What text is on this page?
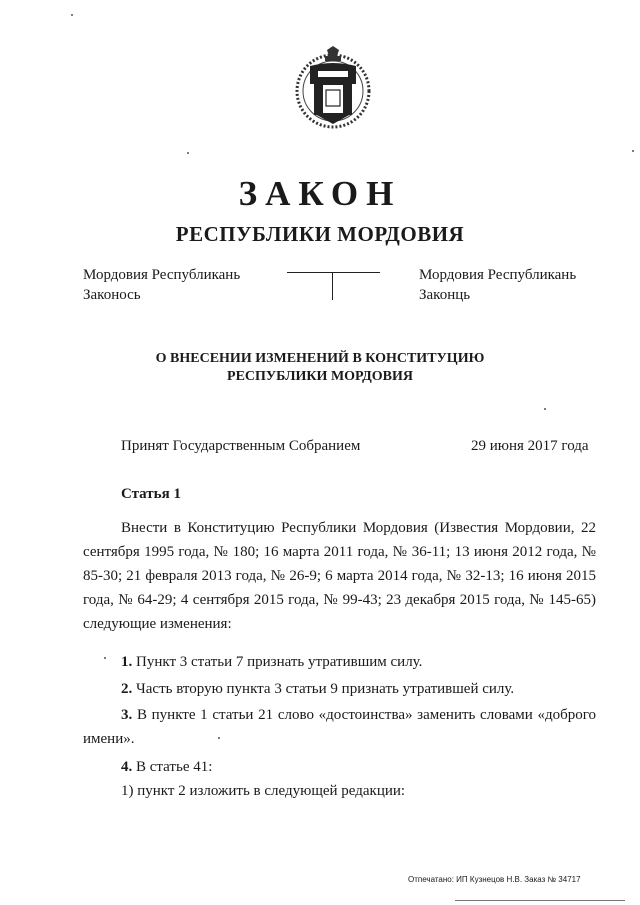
ЗАКОН
РЕСПУБЛИКИ МОРДОВИЯ
Мордовия Республикань
Законось
Мордовия Республикань
Законць
О ВНЕСЕНИИ ИЗМЕНЕНИЙ В КОНСТИТУЦИЮ
РЕСПУБЛИКИ МОРДОВИЯ
Принят Государственным Собранием	29 июня 2017 года
Статья 1
Внести в Конституцию Республики Мордовия (Известия Мордовии, 22 сентября 1995 года, № 180; 16 марта 2011 года, № 36-11; 13 июня 2012 года, № 85-30; 21 февраля 2013 года, № 26-9; 6 марта 2014 года, № 32-13; 16 июня 2015 года, № 64-29; 4 сентября 2015 года, № 99-43; 23 декабря 2015 года, № 145-65) следующие изменения:
1. Пункт 3 статьи 7 признать утратившим силу.
2. Часть вторую пункта 3 статьи 9 признать утратившей силу.
3. В пункте 1 статьи 21 слово «достоинства» заменить словами «доброго имени».
4. В статье 41:
1) пункт 2 изложить в следующей редакции:
Отпечатано: ИП Кузнецов Н.В. Заказ № 34717
